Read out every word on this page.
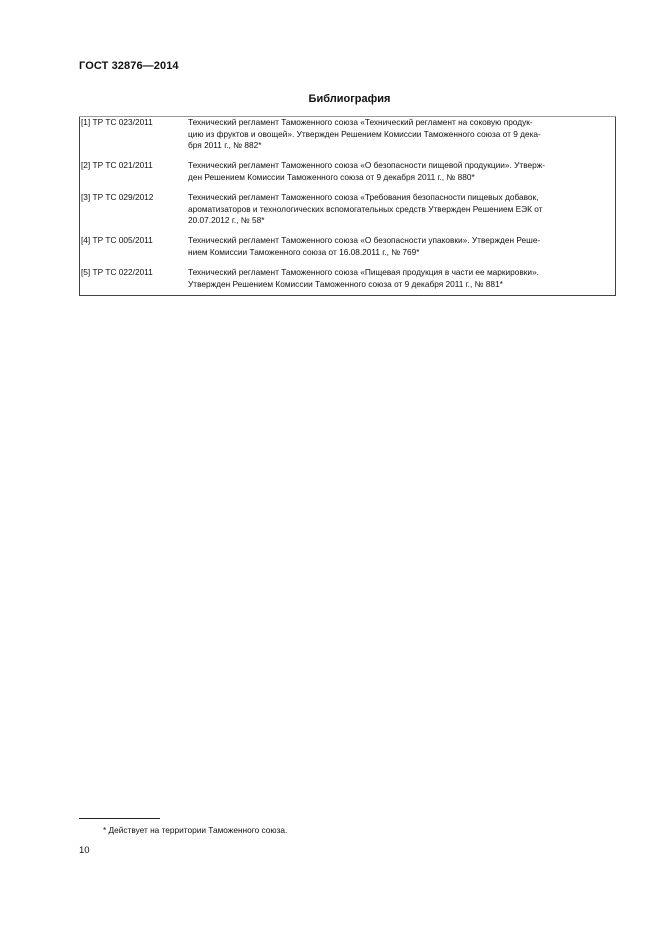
ГОСТ 32876—2014
Библиография
[1] ТР ТС 023/2011	Технический регламент Таможенного союза «Технический регламент на соковую продук-
цию из фруктов и овощей». Утвержден Решением Комиссии Таможенного союза от 9 дека-
бря 2011 г., № 882*
[2] ТР ТС 021/2011	Технический регламент Таможенного союза «О безопасности пищевой продукции». Утверж-
ден Решением Комиссии Таможенного союза от 9 декабря 2011 г., № 880*
[3] ТР ТС 029/2012	Технический регламент Таможенного союза «Требования безопасности пищевых добавок,
ароматизаторов и технологических вспомогательных средств Утвержден Решением ЕЭК от
20.07.2012 г., № 58*
[4] ТР ТС 005/2011	Технический регламент Таможенного союза «О безопасности упаковки». Утвержден Реше-
нием Комиссии Таможенного союза от 16.08.2011 г., № 769*
[5] ТР ТС 022/2011	Технический регламент Таможенного союза «Пищевая продукция в части ее маркировки».
Утвержден Решением Комиссии Таможенного союза от 9 декабря 2011 г., № 881*
* Действует на территории Таможенного союза.
10
